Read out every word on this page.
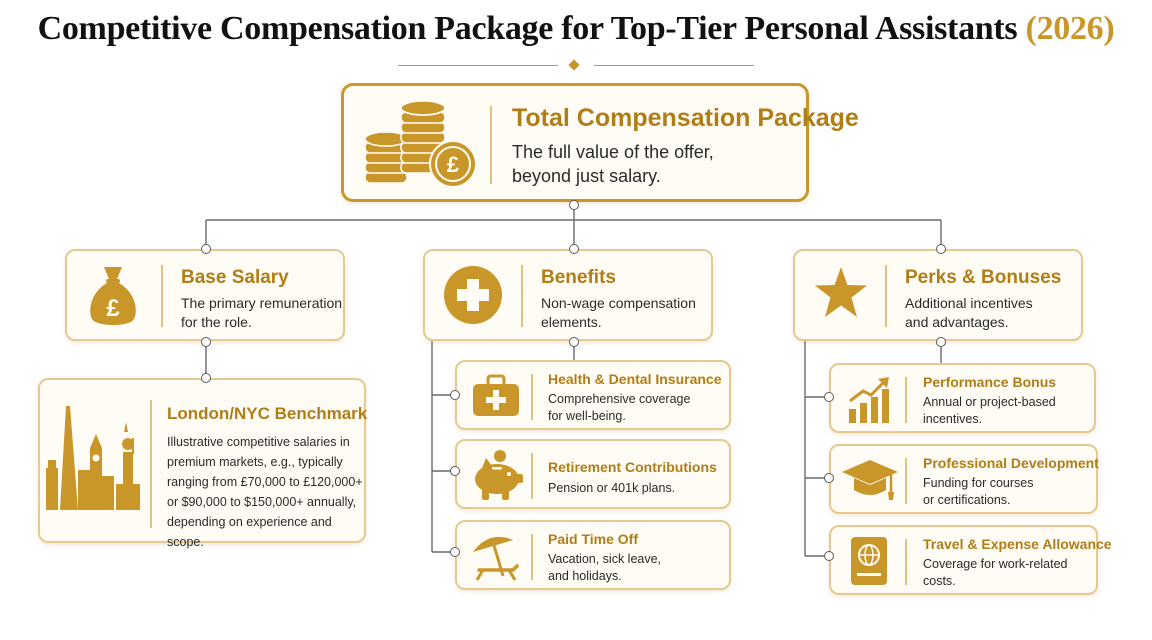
Competitive Compensation Package for Top-Tier Personal Assistants (2026)
£
Total Compensation Package
The full value of the offer,
beyond just salary.
£
Base Salary
The primary remuneration
for the role.
London/NYC Benchmark
Illustrative competitive salaries in
premium markets, e.g., typically
ranging from £70,000 to £120,000+
or $90,000 to $150,000+ annually,
depending on experience and scope.
Benefits
Non-wage compensation
elements.
Health & Dental Insurance
Comprehensive coverage
for well-being.
Retirement Contributions
Pension or 401k plans.
Paid Time Off
Vacation, sick leave,
and holidays.
Perks & Bonuses
Additional incentives
and advantages.
Performance Bonus
Annual or project-based
incentives.
Professional Development
Funding for courses
or certifications.
Travel & Expense Allowance
Coverage for work-related
costs.
